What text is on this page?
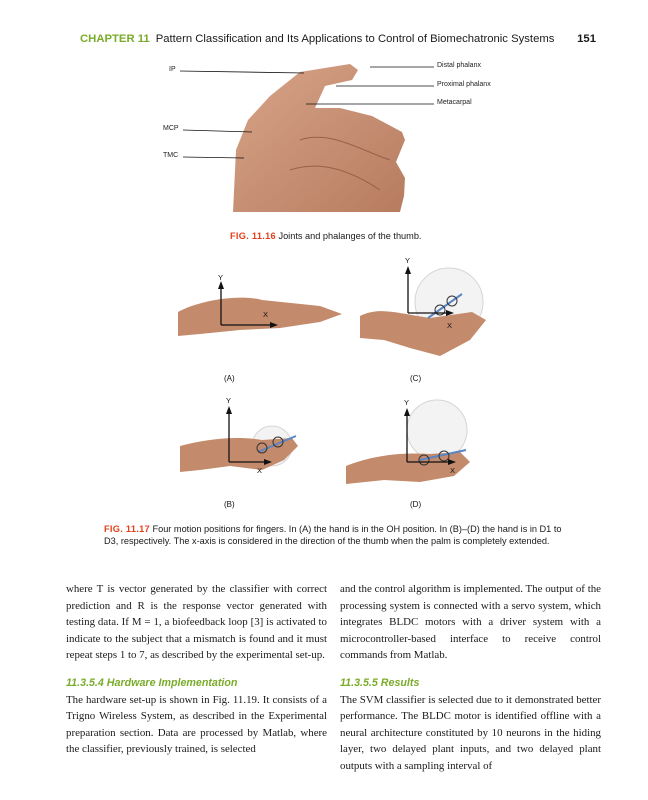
CHAPTER 11 Pattern Classification and Its Applications to Control of Biomechatronic Systems 151
IP
MCP
TMC
Distal phalanx
Proximal phalanx
Metacarpal
FIG. 11.16 Joints and phalanges of the thumb.
Y
X
Y
X
Y
X
Y
X
(A)
(B)
(C)
(D)
FIG. 11.17 Four motion positions for fingers. In (A) the hand is in the OH position. In (B)–(D) the hand is in D1 to D3, respectively. The x-axis is considered in the direction of the thumb when the palm is completely extended.

where T is vector generated by the classifier with correct prediction and R is the response vector generated with testing data. If M = 1, a biofeedback loop [3] is activated to indicate to the subject that a mismatch is found and it must repeat steps 1 to 7, as described by the experimental set-up.

11.3.5.4 Hardware Implementation

The hardware set-up is shown in Fig. 11.19. It consists of a Trigno Wireless System, as described in the Experimental preparation section. Data are processed by Matlab, where the classifier, previously trained, is selected

and the control algorithm is implemented. The output of the processing system is connected with a servo system, which integrates BLDC motors with a driver system with a microcontroller-based interface to receive control commands from Matlab.

11.3.5.5 Results

The SVM classifier is selected due to it demonstrated better performance. The BLDC motor is identified offline with a neural architecture constituted by 10 neurons in the hiding layer, two delayed plant inputs, and two delayed plant outputs with a sampling interval of
